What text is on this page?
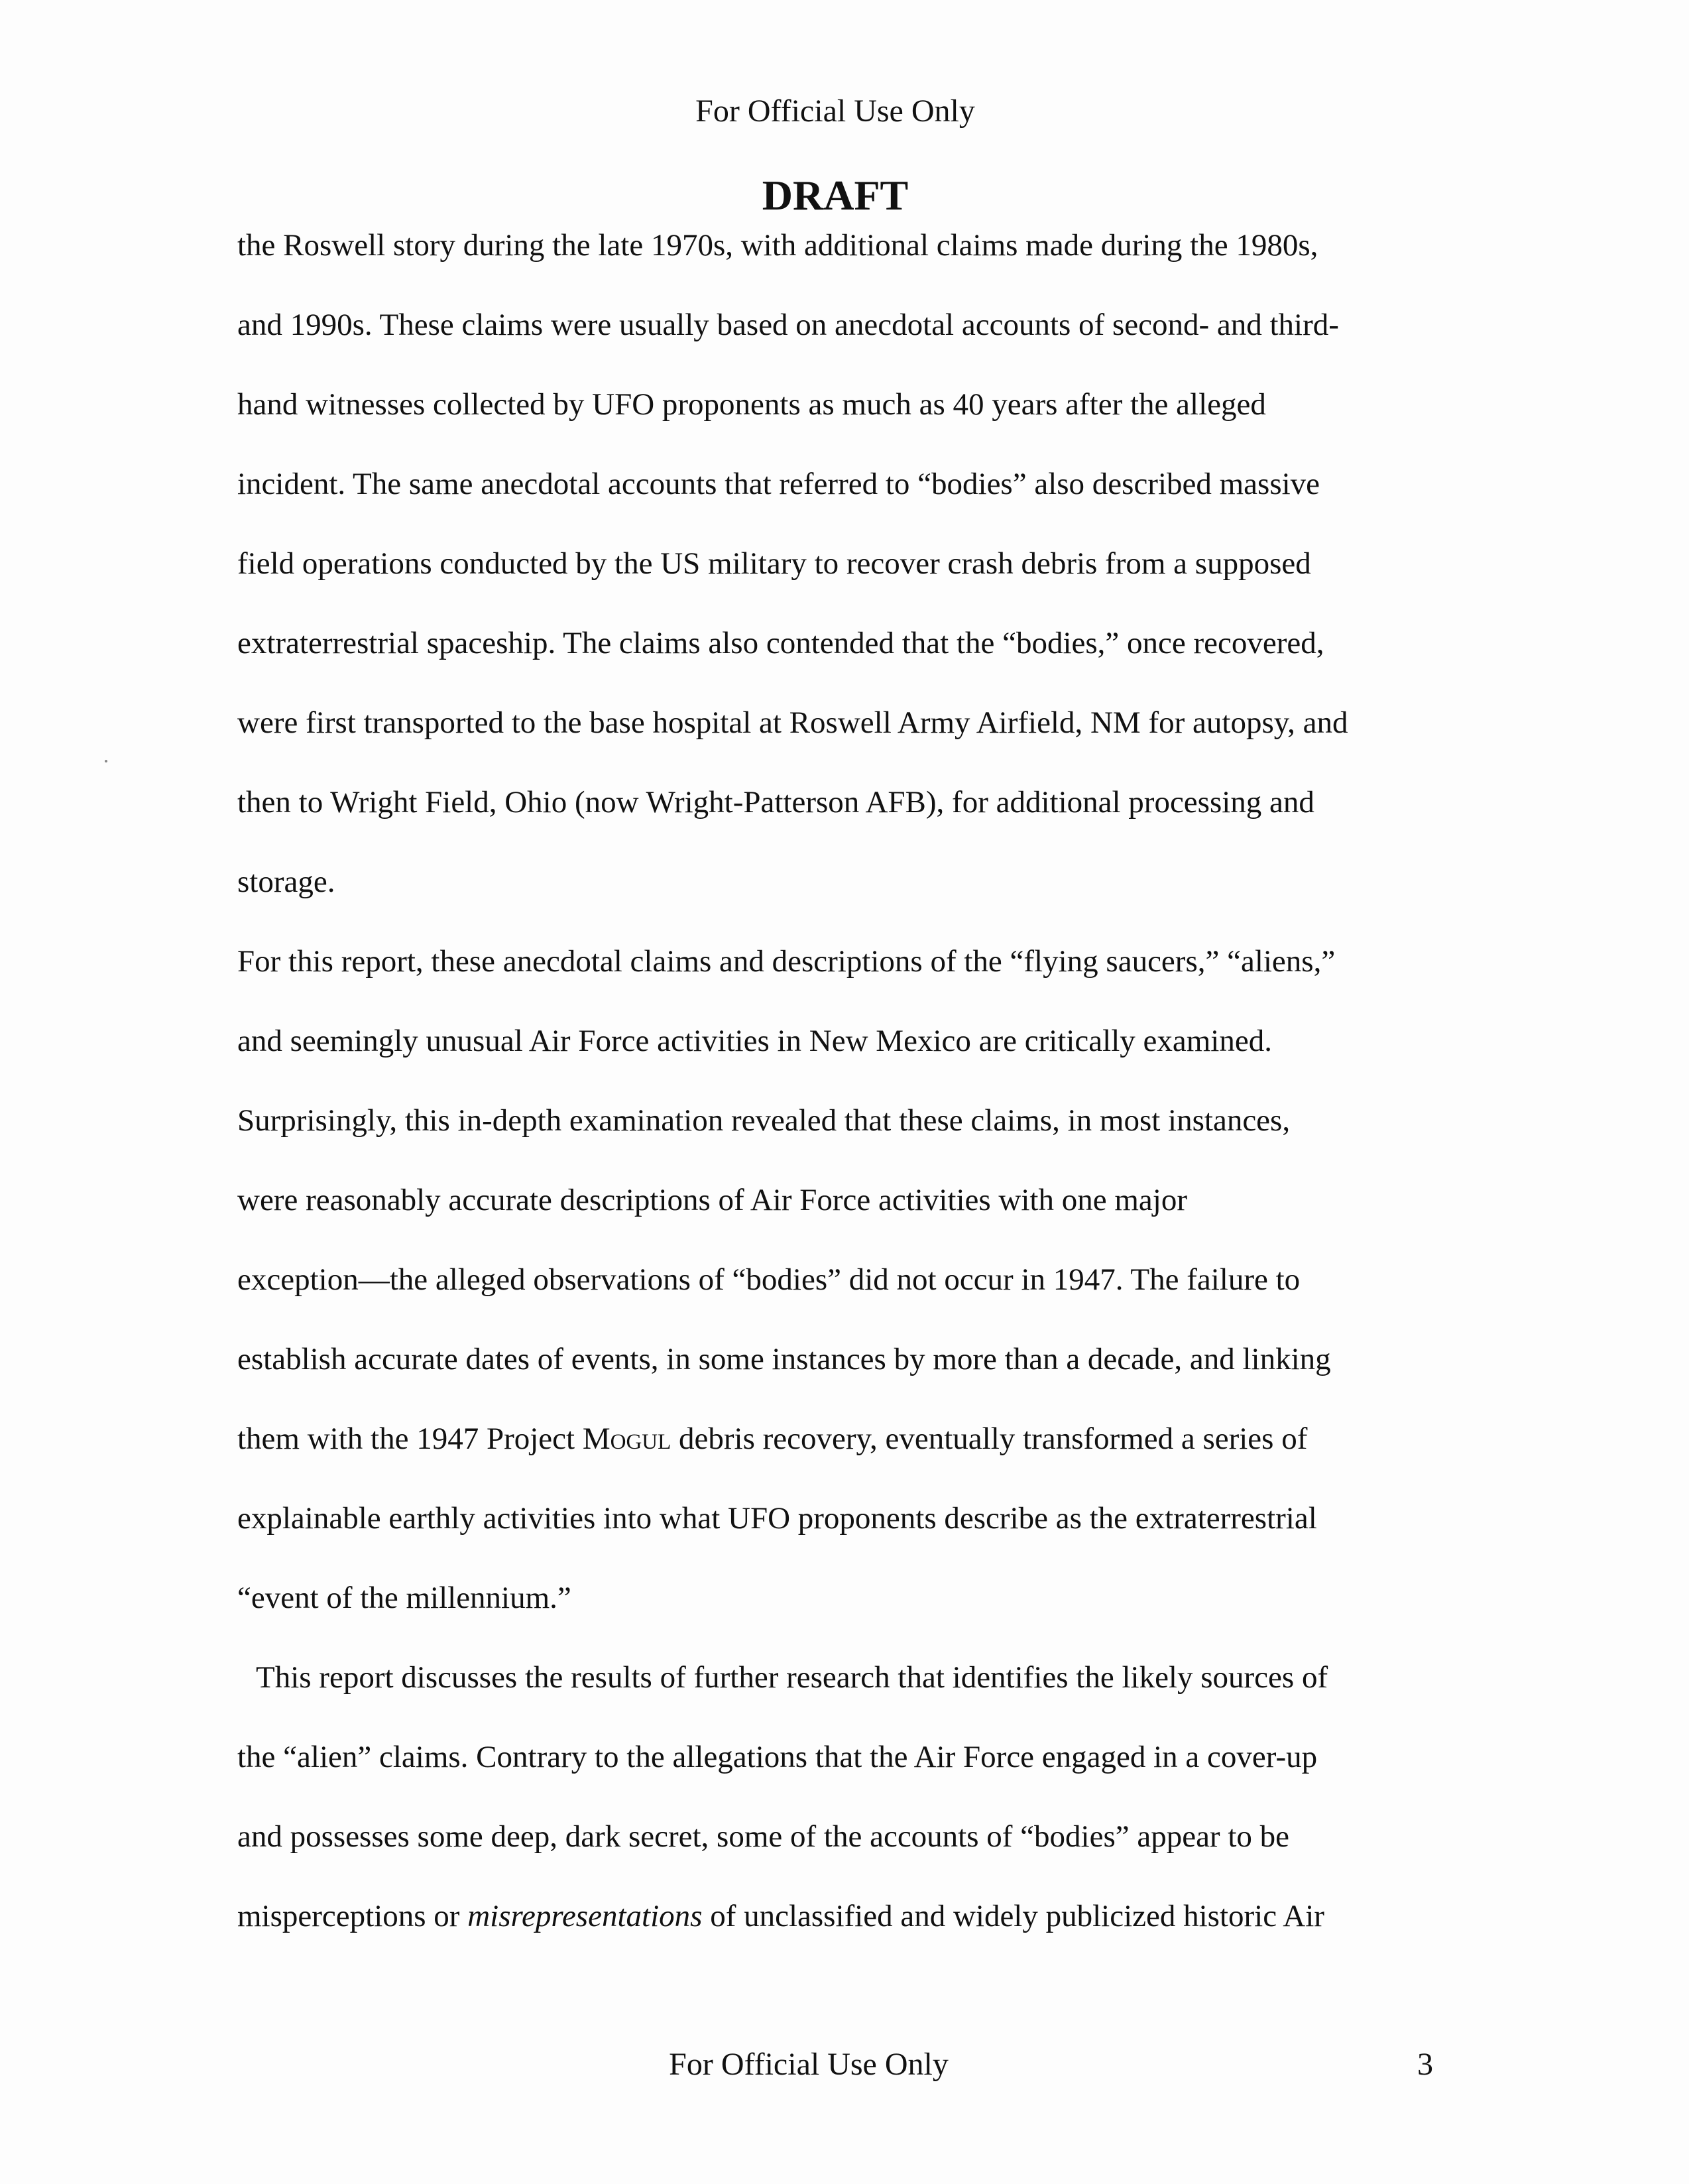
For Official Use Only
DRAFT
the Roswell story during the late 1970s, with additional claims made during the 1980s,
and 1990s. These claims were usually based on anecdotal accounts of second- and third-
hand witnesses collected by UFO proponents as much as 40 years after the alleged
incident. The same anecdotal accounts that referred to “bodies” also described massive
field operations conducted by the US military to recover crash debris from a supposed
extraterrestrial spaceship. The claims also contended that the “bodies,” once recovered,
were first transported to the base hospital at Roswell Army Airfield, NM for autopsy, and
then to Wright Field, Ohio (now Wright-Patterson AFB), for additional processing and
storage.
For this report, these anecdotal claims and descriptions of the “flying saucers,” “aliens,”
and seemingly unusual Air Force activities in New Mexico are critically examined.
Surprisingly, this in-depth examination revealed that these claims, in most instances,
were reasonably accurate descriptions of Air Force activities with one major
exception—the alleged observations of “bodies” did not occur in 1947. The failure to
establish accurate dates of events, in some instances by more than a decade, and linking
them with the 1947 Project Mogul debris recovery, eventually transformed a series of
explainable earthly activities into what UFO proponents describe as the extraterrestrial
“event of the millennium.”
This report discusses the results of further research that identifies the likely sources of
the “alien” claims. Contrary to the allegations that the Air Force engaged in a cover-up
and possesses some deep, dark secret, some of the accounts of “bodies” appear to be
misperceptions or misrepresentations of unclassified and widely publicized historic Air
For Official Use Only	3
